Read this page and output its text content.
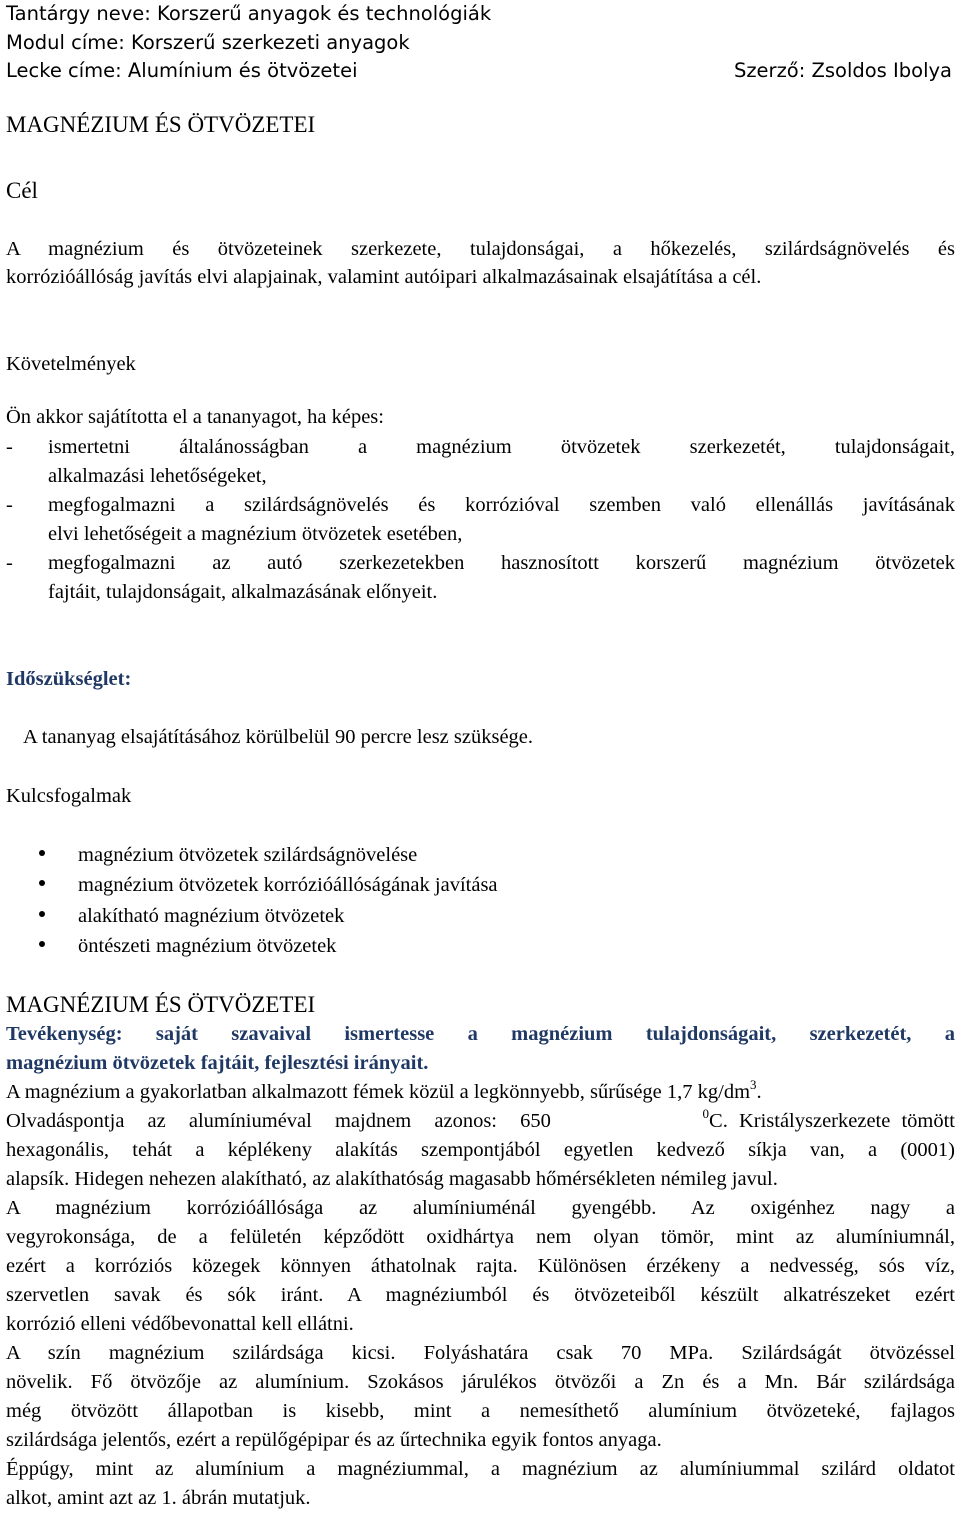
Tantárgy neve: Korszerű anyagok és technológiák
Modul címe: Korszerű szerkezeti anyagok
Lecke címe: Alumínium és ötvözetei	Szerző: Zsoldos Ibolya
MAGNÉZIUM ÉS ÖTVÖZETEI
Cél
A magnézium és ötvözeteinek szerkezete, tulajdonságai, a hőkezelés, szilárdságnövelés és
korrózióállóság javítás elvi alapjainak, valamint autóipari alkalmazásainak elsajátítása a cél.
Követelmények
Ön akkor sajátította el a tananyagot, ha képes:
- ismertetni általánosságban a magnézium ötvözetek szerkezetét, tulajdonságait,
alkalmazási lehetőségeket,
- megfogalmazni a szilárdságnövelés és korrózióval szemben való ellenállás javításának
elvi lehetőségeit a magnézium ötvözetek esetében,
- megfogalmazni az autó szerkezetekben hasznosított korszerű magnézium ötvözetek
fajtáit, tulajdonságait, alkalmazásának előnyeit.
Időszükséglet:
A tananyag elsajátításához körülbelül 90 percre lesz szüksége.
Kulcsfogalmak
magnézium ötvözetek szilárdságnövelése
magnézium ötvözetek korrózióállóságának javítása
alakítható magnézium ötvözetek
öntészeti magnézium ötvözetek
MAGNÉZIUM ÉS ÖTVÖZETEI
Tevékenység: saját szavaival ismertesse a magnézium tulajdonságait, szerkezetét, a
magnézium ötvözetek fajtáit, fejlesztési irányait.
A magnézium a gyakorlatban alkalmazott fémek közül a legkönnyebb, sűrűsége 1,7 $kg/dm^3$.
Olvadáspontja az alumíniuméval majdnem azonos: 650	$^0$C. Kristályszerkezete tömött
hexagonális, tehát a képlékeny alakítás szempontjából egyetlen kedvező síkja van, a (0001)
alapsík. Hidegen nehezen alakítható, az alakíthatóság magasabb hőmérsékleten némileg javul.
A magnézium korrózióállósága az alumíniuménál gyengébb. Az oxigénhez nagy a
vegyrokonsága, de a felületén képződött oxidhártya nem olyan tömör, mint az alumíniumnál,
ezért a korróziós közegek könnyen áthatolnak rajta. Különösen érzékeny a nedvesség, sós víz,
szervetlen savak és sók iránt. A magnéziumból és ötvözeteiből készült alkatrészeket ezért
korrózió elleni védőbevonattal kell ellátni.
A szín magnézium szilárdsága kicsi. Folyáshatára csak 70 MPa. Szilárdságát ötvözéssel
növelik. Fő ötvözője az alumínium. Szokásos járulékos ötvözői a Zn és a Mn. Bár szilárdsága
még ötvözött állapotban is kisebb, mint a nemesíthető alumínium ötvözeteké, fajlagos
szilárdsága jelentős, ezért a repülőgépipar és az űrtechnika egyik fontos anyaga.
Éppúgy, mint az alumínium a magnéziummal, a magnézium az alumíniummal szilárd oldatot
alkot, amint azt az 1. ábrán mutatjuk.
